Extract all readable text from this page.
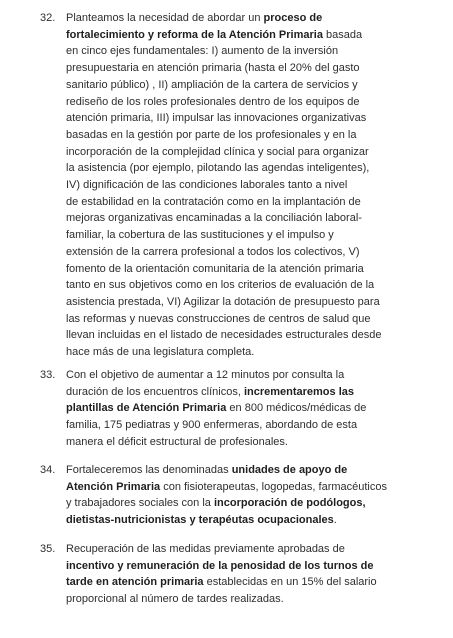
32. Planteamos la necesidad de abordar un proceso de
fortalecimiento y reforma de la Atención Primaria basada
en cinco ejes fundamentales: I) aumento de la inversión
presupuestaria en atención primaria (hasta el 20% del gasto
sanitario público) , II) ampliación de la cartera de servicios y
rediseño de los roles profesionales dentro de los equipos de
atención primaria, III) impulsar las innovaciones organizativas
basadas en la gestión por parte de los profesionales y en la
incorporación de la complejidad clínica y social para organizar
la asistencia (por ejemplo, pilotando las agendas inteligentes),
IV) dignificación de las condiciones laborales tanto a nivel
de estabilidad en la contratación como en la implantación de
mejoras organizativas encaminadas a la conciliación laboral-
familiar, la cobertura de las sustituciones y el impulso y
extensión de la carrera profesional a todos los colectivos, V)
fomento de la orientación comunitaria de la atención primaria
tanto en sus objetivos como en los criterios de evaluación de la
asistencia prestada, VI) Agilizar la dotación de presupuesto para
las reformas y nuevas construcciones de centros de salud que
llevan incluidas en el listado de necesidades estructurales desde
hace más de una legislatura completa.
33. Con el objetivo de aumentar a 12 minutos por consulta la
duración de los encuentros clínicos, incrementaremos las
plantillas de Atención Primaria en 800 médicos/médicas de
familia, 175 pediatras y 900 enfermeras, abordando de esta
manera el déficit estructural de profesionales.
34. Fortaleceremos las denominadas unidades de apoyo de
Atención Primaria con fisioterapeutas, logopedas, farmacéuticos
y trabajadores sociales con la incorporación de podólogos,
dietistas-nutricionistas y terapéutas ocupacionales.
35. Recuperación de las medidas previamente aprobadas de
incentivo y remuneración de la penosidad de los turnos de
tarde en atención primaria establecidas en un 15% del salario
proporcional al número de tardes realizadas.
